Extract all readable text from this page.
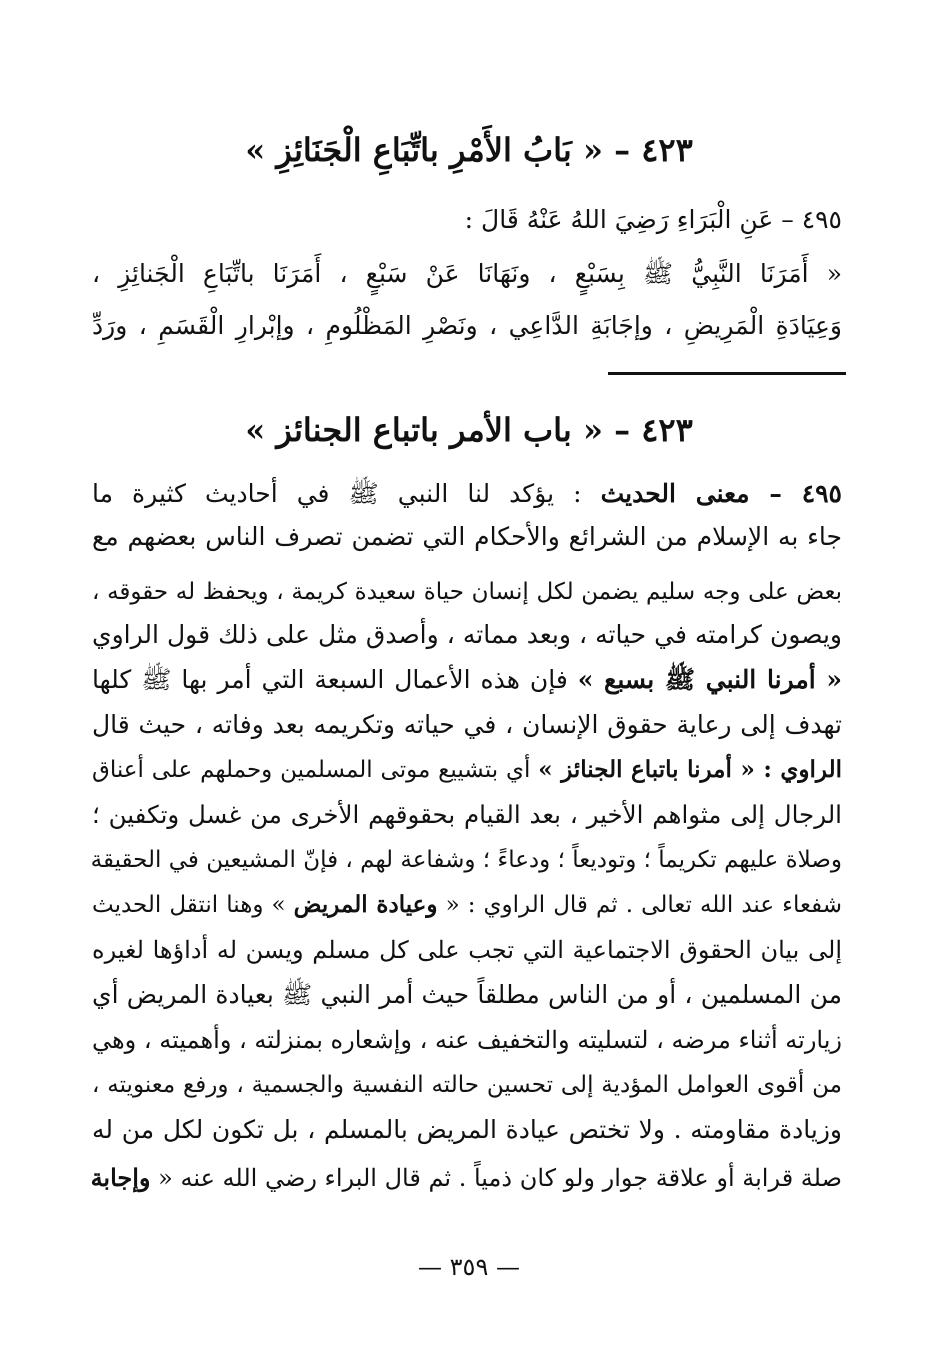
٤٢٣ – « بَابُ الأَمْرِ باتِّبَاعِ الْجَنَائِزِ »
٤٩٥ – عَنِ الْبَرَاءِ رَضِيَ اللهُ عَنْهُ قَالَ :
« أَمَرَنَا النَّبِيُّ ﷺ بِسَبْعٍ ، ونَهَانَا عَنْ سَبْعٍ ، أَمَرَنَا باتِّبَاعِ الْجَنائِزِ ،
وَعِيَادَةِ الْمَرِيضِ ، وإجَابَةِ الدَّاعِي ، ونَصْرِ المَظْلُومِ ، وإبْرارِ الْقَسَمِ ، ورَدِّ
٤٢٣ – « باب الأمر باتباع الجنائز »
٤٩٥ – معنى الحديث : يؤكد لنا النبي ﷺ في أحاديث كثيرة ما
جاء به الإسلام من الشرائع والأحكام التي تضمن تصرف الناس بعضهم مع
بعض على وجه سليم يضمن لكل إنسان حياة سعيدة كريمة ، ويحفظ له حقوقه ،
ويصون كرامته في حياته ، وبعد مماته ، وأصدق مثل على ذلك قول الراوي
« أمرنا النبي ﷺ بسبع » فإن هذه الأعمال السبعة التي أمر بها ﷺ كلها
تهدف إلى رعاية حقوق الإنسان ، في حياته وتكريمه بعد وفاته ، حيث قال
الراوي : « أمرنا باتباع الجنائز » أي بتشييع موتى المسلمين وحملهم على أعناق
الرجال إلى مثواهم الأخير ، بعد القيام بحقوقهم الأخرى من غسل وتكفين ؛
وصلاة عليهم تكريماً ؛ وتوديعاً ؛ ودعاءً ؛ وشفاعة لهم ، فإنّ المشيعين في الحقيقة
شفعاء عند الله تعالى . ثم قال الراوي : « وعيادة المريض » وهنا انتقل الحديث
إلى بيان الحقوق الاجتماعية التي تجب على كل مسلم ويسن له أداؤها لغيره
من المسلمين ، أو من الناس مطلقاً حيث أمر النبي ﷺ بعيادة المريض أي
زيارته أثناء مرضه ، لتسليته والتخفيف عنه ، وإشعاره بمنزلته ، وأهميته ، وهي
من أقوى العوامل المؤدية إلى تحسين حالته النفسية والجسمية ، ورفع معنويته ،
وزيادة مقاومته . ولا تختص عيادة المريض بالمسلم ، بل تكون لكل من له
صلة قرابة أو علاقة جوار ولو كان ذمياً . ثم قال البراء رضي الله عنه « وإجابة
— ٣٥٩ —
